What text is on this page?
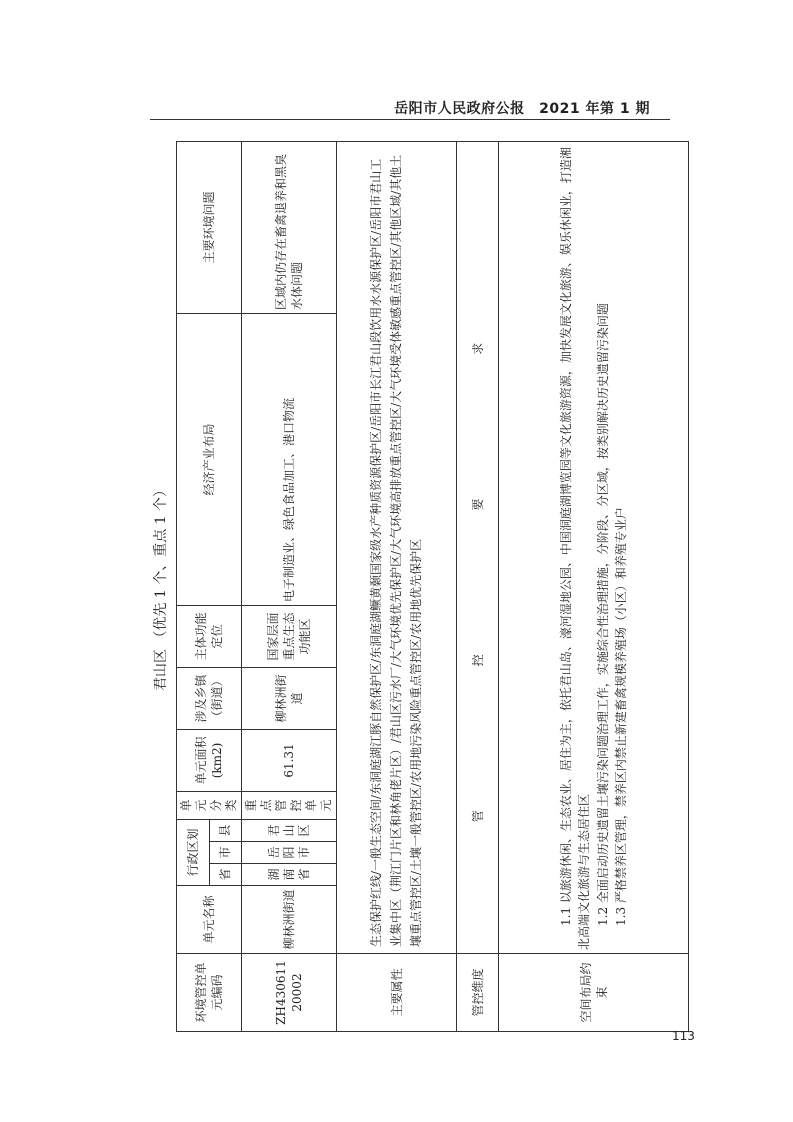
岳阳市人民政府公报　2021 年第 1 期
君山区 （优先 1 个、重点 1 个）
环境管控单元编码	单元名称	行政区划			单元分类	单元面积(km2)	涉及乡镇（街道）	主体功能定位	经济产业布局	主要环境问题
		省	市	县						
ZH43061120002	柳林洲街道	湖南省	岳阳市	君山区	重点管控单元	61.31	柳林洲街道	国家层面重点生态功能区	电子制造业、绿色食品加工、港口物流	区域内仍存在畜禽退养和黑臭水体问题
主要属性	生态保护红线/一般生态空间/东洞庭湖江豚自然保护区/东洞庭湖鳜黄颡国家级水产种质资源保护区/岳阳市长江君山段饮用水水源保护区/岳阳市君山工业集中区（荆江门片区和林角佬片区）/君山区污水厂/大气环境优先保护区/大气环境高排放重点管控区/大气环境受体敏感重点管控区/其他区域/其他土壤重点管控区/土壤一般管控区/农用地污染风险重点管控区/农用地优先保护区									
管控维度	管 控 要 求									
空间布局约束	1.1 以旅游休闲、生态农业、居住为主，依托君山岛、濠河湿地公园、中国洞庭湖博览园等文化旅游资源，加快发展文化旅游、娱乐休闲业，打造湘北高端文化旅游与生态居住区 1.2 全面启动历史遗留土壤污染问题治理工作，实施综合性治理措施，分阶段、分区域，按类别解决历史遗留污染问题 1.3 严格禁养区管理，禁养区内禁止新建畜禽规模养殖场（小区）和养殖专业户									

113
